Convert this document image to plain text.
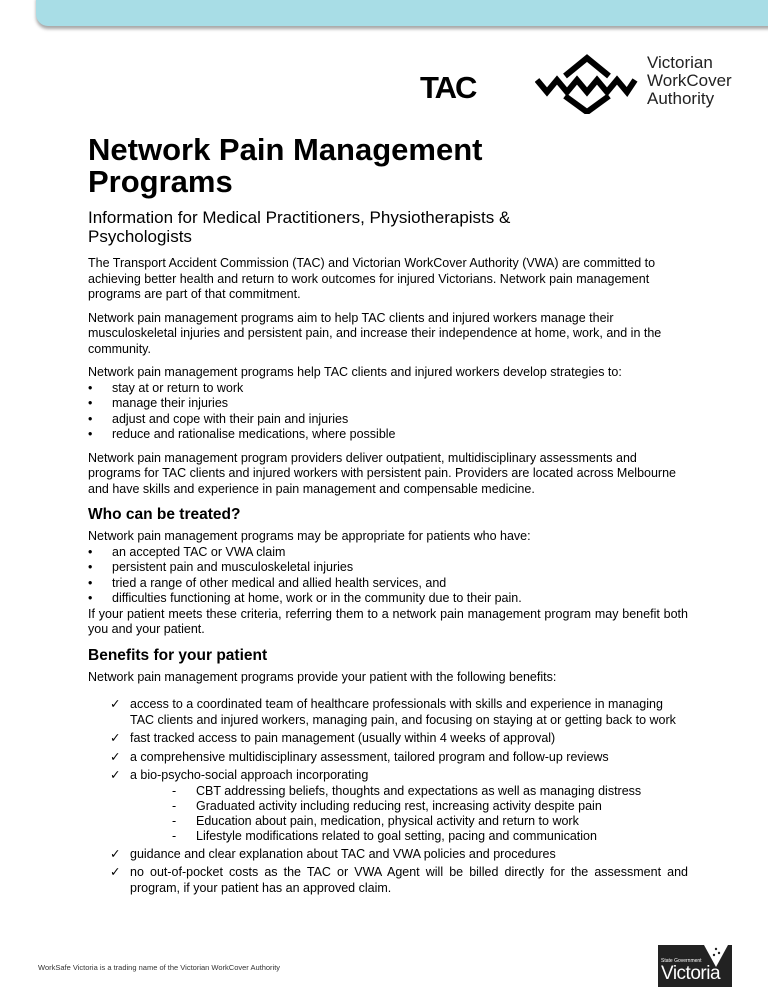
TAC
Victorian
WorkCover
Authority
Network Pain Management Programs
Information for Medical Practitioners, Physiotherapists & Psychologists

The Transport Accident Commission (TAC) and Victorian WorkCover Authority (VWA) are committed to achieving better health and return to work outcomes for injured Victorians. Network pain management programs are part of that commitment.

Network pain management programs aim to help TAC clients and injured workers manage their musculoskeletal injuries and persistent pain, and increase their independence at home, work, and in the community.

Network pain management programs help TAC clients and injured workers develop strategies to:
•	stay at or return to work
•	manage their injuries
•	adjust and cope with their pain and injuries
•	reduce and rationalise medications, where possible

Network pain management program providers deliver outpatient, multidisciplinary assessments and programs for TAC clients and injured workers with persistent pain. Providers are located across Melbourne and have skills and experience in pain management and compensable medicine.

Who can be treated?
Network pain management programs may be appropriate for patients who have:
•	an accepted TAC or VWA claim
•	persistent pain and musculoskeletal injuries
•	tried a range of other medical and allied health services, and
•	difficulties functioning at home, work or in the community due to their pain.

If your patient meets these criteria, referring them to a network pain management program may benefit both you and your patient.

Benefits for your patient
Network pain management programs provide your patient with the following benefits:
✓ access to a coordinated team of healthcare professionals with skills and experience in managing TAC clients and injured workers, managing pain, and focusing on staying at or getting back to work
✓ fast tracked access to pain management (usually within 4 weeks of approval)
✓ a comprehensive multidisciplinary assessment, tailored program and follow-up reviews
✓ a bio-psycho-social approach incorporating
-	CBT addressing beliefs, thoughts and expectations as well as managing distress
-	Graduated activity including reducing rest, increasing activity despite pain
-	Education about pain, medication, physical activity and return to work
-	Lifestyle modifications related to goal setting, pacing and communication
✓ guidance and clear explanation about TAC and VWA policies and procedures
✓ no out-of-pocket costs as the TAC or VWA Agent will be billed directly for the assessment and program, if your patient has an approved claim.
WorkSafe Victoria is a trading name of the Victorian WorkCover Authority
State Government
Victoria
